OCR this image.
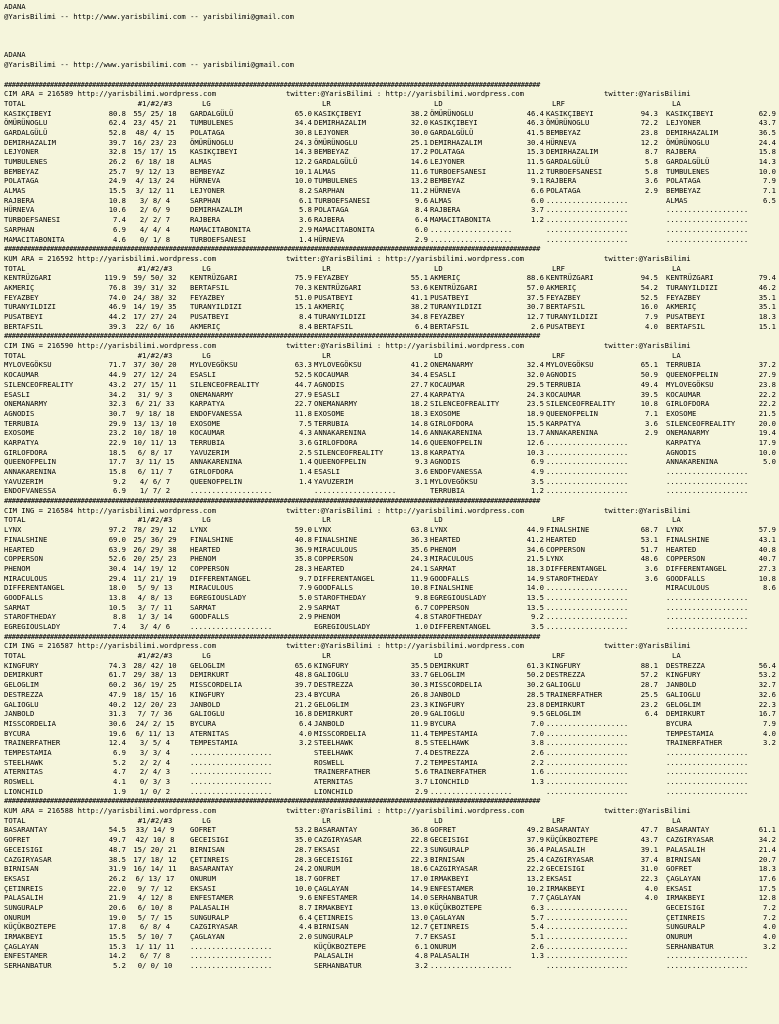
ADANA
@YarisBilimi -- http://www.yarisbilimi.com -- yarisbilimi@gmail.com
ADANA
@YarisBilimi -- http://www.yarisbilimi.com -- yarisbilimi@gmail.com
############################################################################################################################################
CIM ARA = 216589 http://yarisbilimi.wordpress.com	twitter:@YarisBilimi : http://yarisbilimi.wordpress.com	twitter:@YarisBilimi
TOTAL	#1/#2/#3	LG	LR	LD	LRF	LA
KASIKÇIBEYI	80.8	55/ 25/ 18	GARDALGÜLÜ	65.0 KASIKÇIBEYI	38.2 ÖMÜRÜNOGLU	46.4 KASIKÇIBEYI	94.3 KASIKÇIBEYI	62.9
ÖMÜRÜNOGLU	62.4	23/ 45/ 21	TUMBULENES	34.4 DEMIRHAZALIM	32.0 KASIKÇIBEYI	46.3 ÖMÜRÜNOGLU	72.2 LEJYONER	43.7
GARDALGÜLÜ	52.8	48/ 4/ 15	POLATAGA	30.8 LEJYONER	30.0 GARDALGÜLÜ	41.5 BEMBEYAZ	23.8 DEMIRHAZALIM	36.5
DEMIRHAZALIM	39.7	16/ 23/ 23	ÖMÜRÜNOGLU	24.3 ÖMÜRÜNOGLU	25.1 DEMIRHAZALIM	30.4 HÜRNEVA	12.2 ÖMÜRÜNOGLU	24.4
LEJYONER	32.8	15/ 17/ 15	KASIKÇIBEYI	14.3 BEMBEYAZ	17.2 POLATAGA	15.3 DEMIRHAZALIM	8.7 RAJBERA	15.8
TUMBULENES	26.2	6/ 18/ 18	ALMAS	12.2 GARDALGÜLÜ	14.6 LEJYONER	11.5 GARDALGÜLÜ	5.8 GARDALGÜLÜ	14.3
BEMBEYAZ	25.7	9/ 12/ 13	BEMBEYAZ	10.1 ALMAS	11.6 TURBOEFSANESI	11.2 TURBOEFSANESI	5.8 TUMBULENES	10.0
POLATAGA	24.9	4/ 13/ 24	HÜRNEVA	10.0 TUMBULENES	13.2 BEMBEYAZ	9.1 RAJBERA	3.6 POLATAGA	7.9
ALMAS	15.5	3/ 12/ 11	LEJYONER	8.2 SARPHAN	11.2 HÜRNEVA	6.6 POLATAGA	2.9 BEMBEYAZ	7.1
RAJBERA	10.8	3/ 8/ 4	SARPHAN	6.1 TURBOEFSANESI	9.6 ALMAS	6.0 ...................	ALMAS	6.5
HÜRNEVA	10.6	2/ 6/ 9	DEMIRHAZALIM	5.8 POLATAGA	8.4 RAJBERA	3.7 ...................	...................
TURBOEFSANESI	7.4	2/ 2/ 7	RAJBERA	3.6 RAJBERA	6.4 MAMACITABONITA	1.2 ...................	...................
SARPHAN	6.9	4/ 4/ 4	MAMACITABONITA	2.9 MAMACITABONITA	6.0 ...................	...................	...................
MAMACITABONITA	4.6	0/ 1/ 8	TURBOEFSANESI	1.4 HÜRNEVA	2.9 ...................	...................	...................
############################################################################################################################################
KUM ARA = 216592 http://yarisbilimi.wordpress.com	twitter:@YarisBilimi : http://yarisbilimi.wordpress.com	twitter:@YarisBilimi
TOTAL	#1/#2/#3	LG	LR	LD	LRF	LA
KENTRÜZGARI	119.9	59/ 50/ 32	KENTRÜZGARI	75.9 FEYAZBEY	55.1 AKMERIÇ	88.6 KENTRÜZGARI	94.5 KENTRÜZGARI	79.4
AKMERIÇ	76.8	39/ 31/ 32	BERTAFSIL	70.3 KENTRÜZGARI	53.6 KENTRÜZGARI	57.0 AKMERIÇ	54.2 TURANYILDIZI	46.2
FEYAZBEY	74.0	24/ 38/ 32	FEYAZBEY	51.0 PUSATBEYI	41.1 PUSATBEYI	37.5 FEYAZBEY	52.5 FEYAZBEY	35.1
TURANYILDIZI	46.9	14/ 19/ 35	TURANYILDIZI	15.1 AKMERIÇ	38.2 TURANYILDIZI	30.7 BERTAFSIL	16.0 AKMERIÇ	35.1
PUSATBEYI	44.2	17/ 27/ 24	PUSATBEYI	8.4 TURANYILDIZI	34.8 FEYAZBEY	12.7 TURANYILDIZI	7.9 PUSATBEYI	18.3
BERTAFSIL	39.3	22/ 6/ 16	AKMERIÇ	8.4 BERTAFSIL	6.4 BERTAFSIL	2.6 PUSATBEYI	4.0 BERTAFSIL	15.1
############################################################################################################################################
CIM ING = 216590 http://yarisbilimi.wordpress.com	twitter:@YarisBilimi : http://yarisbilimi.wordpress.com	twitter:@YarisBilimi
TOTAL	#1/#2/#3	LG	LR	LD	LRF	LA
MYLOVEGÖKSU	71.7	37/ 30/ 20	MYLOVEGÖKSU	63.3 MYLOVEGÖKSU	41.2 ONEMANARMY	32.4 MYLOVEGÖKSU	65.1 TERRUBIA	37.2
KOCAUMAR	44.9	27/ 12/ 24	ESASLI	52.5 KOCAUMAR	34.4 ESASLI	32.0 AGNODIS	50.9 QUEENOFPELIN	27.9
SILENCEOFREALITY	43.2	27/ 15/ 11	SILENCEOFREALITY	44.7 AGNODIS	27.7 KOCAUMAR	29.5 TERRUBIA	49.4 MYLOVEGÖKSU	23.8
ESASLI	34.2	31/ 9/ 3	ONEMANARMY	27.9 ESASLI	27.4 KARPATYA	24.3 KOCAUMAR	39.5 KOCAUMAR	22.2
ONEMANARMY	32.3	6/ 21/ 33	KARPATYA	22.7 ONEMANARMY	18.2 SILENCEOFREALITY	23.5 SILENCEOFREALITY	10.8 GIRLOFDORA	22.2
AGNODIS	30.7	9/ 18/ 18	ENDOFVANESSA	11.8 EXOSOME	18.3 EXOSOME	18.9 QUEENOFPELIN	7.1 EXOSOME	21.5
TERRUBIA	29.9	13/ 13/ 10	EXOSOME	7.5 TERRUBIA	14.8 GIRLOFDORA	15.5 KARPATYA	3.6 SILENCEOFREALITY	20.0
EXOSOME	23.2	10/ 18/ 10	KOCAUMAR	4.3 ANNAKARENINA	14.6 ANNAKARENINA	13.7 ANNAKARENINA	2.9 ONEMANARMY	19.4
KARPATYA	22.9	10/ 11/ 13	TERRUBIA	3.6 GIRLOFDORA	14.6 QUEENOFPELIN	12.6 ...................	KARPATYA	17.9
GIRLOFDORA	18.5	6/ 8/ 17	YAVUZERIM	2.5 SILENCEOFREALITY	13.8 KARPATYA	10.3 ...................	AGNODIS	10.0
QUEENOFPELIN	17.7	3/ 11/ 15	ANNAKARENINA	1.4 QUEENOFPELIN	9.3 AGNODIS	6.9 ...................	ANNAKARENINA	5.0
ANNAKARENINA	15.8	6/ 11/ 7	GIRLOFDORA	1.4 ESASLI	3.6 ENDOFVANESSA	4.9 ...................	...................
YAVUZERIM	9.2	4/ 6/ 7	QUEENOFPELIN	1.4 YAVUZERIM	3.1 MYLOVEGÖKSU	3.5 ...................	...................
ENDOFVANESSA	6.9	1/ 7/ 2	...................	...................	TERRUBIA	1.2 ...................	...................
############################################################################################################################################
CIM ING = 216584 http://yarisbilimi.wordpress.com	twitter:@YarisBilimi : http://yarisbilimi.wordpress.com	twitter:@YarisBilimi
TOTAL	#1/#2/#3	LG	LR	LD	LRF	LA
LYNX	97.2	78/ 29/ 12	LYNX	59.0 LYNX	63.8 LYNX	44.9 FINALSHINE	68.7 LYNX	57.9
FINALSHINE	69.0	25/ 36/ 29	FINALSHINE	40.8 FINALSHINE	36.3 HEARTED	41.2 HEARTED	53.1 FINALSHINE	43.1
HEARTED	63.9	26/ 29/ 38	HEARTED	36.9 MIRACULOUS	35.6 PHENOM	34.6 COPPERSON	51.7 HEARTED	40.8
COPPERSON	52.6	20/ 25/ 23	PHENOM	35.8 COPPERSON	24.3 MIRACULOUS	21.5 LYNX	48.6 COPPERSON	40.7
PHENOM	30.4	14/ 19/ 12	COPPERSON	28.3 HEARTED	24.1 SARMAT	18.3 DIFFERENTANGEL	3.6 DIFFERENTANGEL	27.3
MIRACULOUS	29.4	11/ 21/ 19	DIFFERENTANGEL	9.7 DIFFERENTANGEL	11.9 GOODFALLS	14.9 STAROFTHEDAY	3.6 GOODFALLS	10.8
DIFFERENTANGEL	18.0	5/ 9/ 13	MIRACULOUS	7.9 GOODFALLS	10.8 FINALSHINE	14.0 ...................	MIRACULOUS	8.6
GOODFALLS	13.8	4/ 8/ 13	EGREGIOUSLADY	5.0 STAROFTHEDAY	9.8 EGREGIOUSLADY	13.5 ...................	...................
SARMAT	10.5	3/ 7/ 11	SARMAT	2.9 SARMAT	6.7 COPPERSON	13.5 ...................	...................
STAROFTHEDAY	8.8	1/ 3/ 14	GOODFALLS	2.9 PHENOM	4.8 STAROFTHEDAY	9.2 ...................	...................
EGREGIOUSLADY	7.4	3/ 4/ 6	...................	EGREGIOUSLADY	1.0 DIFFERENTANGEL	3.5 ...................	...................
############################################################################################################################################
CIM ING = 216587 http://yarisbilimi.wordpress.com	twitter:@YarisBilimi : http://yarisbilimi.wordpress.com	twitter:@YarisBilimi
TOTAL	#1/#2/#3	LG	LR	LD	LRF	LA
KINGFURY	74.3	28/ 42/ 10	GELOGLIM	65.6 KINGFURY	35.5 DEMIRKURT	61.3 KINGFURY	88.1 DESTREZZA	56.4
DEMIRKURT	61.7	29/ 38/ 13	DEMIRKURT	48.8 GALIOGLU	33.7 GELOGLIM	50.2 DESTREZZA	57.2 KINGFURY	53.2
GELOGLIM	60.2	36/ 19/ 25	MISSCORDELIA	39.7 DESTREZZA	30.3 MISSCORDELIA	30.2 GALIOGLU	28.7 JANBOLD	32.7
DESTREZZA	47.9	18/ 15/ 16	KINGFURY	23.4 BYCURA	26.8 JANBOLD	28.5 TRAINERFATHER	25.5 GALIOGLU	32.6
GALIOGLU	40.2	12/ 20/ 23	JANBOLD	21.2 GELOGLIM	23.3 KINGFURY	23.8 DEMIRKURT	23.2 GELOGLIM	22.3
JANBOLD	31.3	7/ 7/ 36	GALIOGLU	16.8 DEMIRKURT	20.9 GALIOGLU	9.5 GELOGLIM	6.4 DEMIRKURT	16.7
MISSCORDELIA	30.6	24/ 2/ 15	BYCURA	6.4 JANBOLD	11.9 BYCURA	7.0 ...................	BYCURA	7.9
BYCURA	19.6	6/ 11/ 13	ATERNITAS	4.0 MISSCORDELIA	11.4 TEMPESTAMIA	7.0 ...................	TEMPESTAMIA	4.0
TRAINERFATHER	12.4	3/ 5/ 4	TEMPESTAMIA	3.2 STEELHAWK	8.5 STEELHAWK	3.8 ...................	TRAINERFATHER	3.2
TEMPESTAMIA	6.9	3/ 3/ 4	...................	STEELHAWK	7.4 DESTREZZA	2.6 ...................	...................
STEELHAWK	5.2	2/ 2/ 4	...................	ROSWELL	7.2 TEMPESTAMIA	2.2 ...................	...................
ATERNITAS	4.7	2/ 4/ 3	...................	TRAINERFATHER	5.6 TRAINERFATHER	1.6 ...................	...................
ROSWELL	4.1	0/ 3/ 3	...................	ATERNITAS	3.7 LIONCHILD	1.3 ...................	...................
LIONCHILD	1.9	1/ 0/ 2	...................	LIONCHILD	2.9 ...................	...................	...................
############################################################################################################################################
KUM ARA = 216588 http://yarisbilimi.wordpress.com	twitter:@YarisBilimi : http://yarisbilimi.wordpress.com	twitter:@YarisBilimi
TOTAL	#1/#2/#3	LG	LR	LD	LRF	LA
BASARANTAY	54.5	33/ 14/ 9	GOFRET	53.2 BASARANTAY	36.8 GOFRET	49.2 BASARANTAY	47.7 BASARANTAY	61.1
GOFRET	49.7	42/ 10/ 8	GECEISIGI	35.0 CAZGIRYASAR	22.8 GECEISIGI	37.9 KÜÇÜKBOZTEPE	43.7 CAZGIRYASAR	34.2
GECEISIGI	48.7	15/ 20/ 21	BIRNISAN	28.7 EKSASI	22.3 SUNGURALP	36.4 PALASALIH	39.1 PALASALIH	21.4
CAZGIRYASAR	38.5	17/ 18/ 12	ÇETINREIS	28.3 GECEISIGI	22.3 BIRNISAN	25.4 CAZGIRYASAR	37.4 BIRNISAN	20.7
BIRNISAN	31.9	16/ 14/ 11	BASARANTAY	24.2 ONURUM	18.6 CAZGIRYASAR	22.2 GECEISIGI	31.0 GOFRET	18.3
EKSASI	26.2	6/ 13/ 17	ONURUM	18.7 GOFRET	17.0 IRMAKBEYI	13.2 EKSASI	22.3 ÇAGLAYAN	17.6
ÇETINREIS	22.0	9/ 7/ 12	EKSASI	10.0 ÇAGLAYAN	14.9 ENFESTAMER	10.2 IRMAKBEYI	4.0 EKSASI	17.5
PALASALIH	21.9	4/ 12/ 8	ENFESTAMER	9.6 ENFESTAMER	14.0 SERHANBATUR	7.7 ÇAGLAYAN	4.0 IRMAKBEYI	12.8
SUNGURALP	20.6	6/ 10/ 8	PALASALIH	8.7 IRMAKBEYI	13.0 KÜÇÜKBOZTEPE	6.3 ...................	GECEISIGI	7.2
ONURUM	19.0	5/ 7/ 15	SUNGURALP	6.4 ÇETINREIS	13.0 ÇAGLAYAN	5.7 ...................	ÇETINREIS	7.2
KÜÇÜKBOZTEPE	17.8	6/ 8/ 4	CAZGIRYASAR	4.4 BIRNISAN	12.7 ÇETINREIS	5.4 ...................	SUNGURALP	4.0
IRMAKBEYI	15.5	5/ 10/ 7	ÇAGLAYAN	2.0 SUNGURALP	7.7 EKSASI	5.1 ...................	ONURUM	4.0
ÇAGLAYAN	15.3	1/ 11/ 11	...................	KÜÇÜKBOZTEPE	6.1 ONURUM	2.6 ...................	SERHANBATUR	3.2
ENFESTAMER	14.2	6/ 7/ 8	...................	PALASALIH	4.8 PALASALIH	1.3 ...................	...................
SERHANBATUR	5.2	0/ 0/ 10	...................	SERHANBATUR	3.2 ...................	...................	...................
